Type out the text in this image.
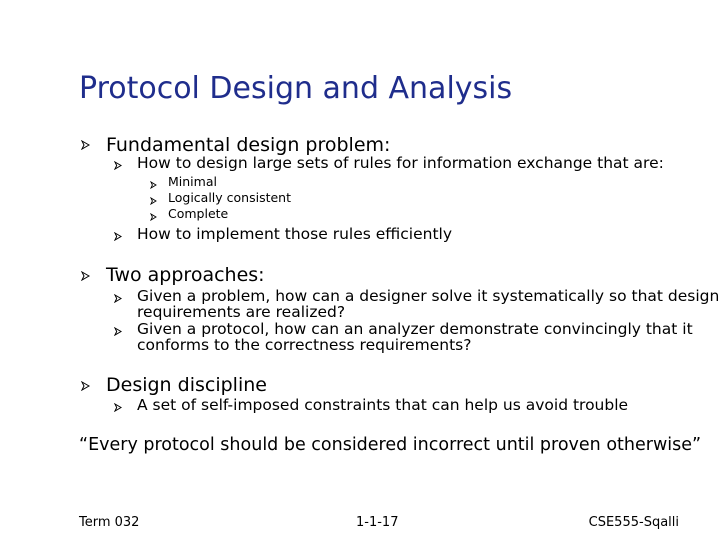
Protocol Design and Analysis
Fundamental design problem:
How to design large sets of rules for information exchange that are:
Minimal
Logically consistent
Complete
How to implement those rules efficiently
Two approaches:
Given a problem, how can a designer solve it systematically so that design
requirements are realized?
Given a protocol, how can an analyzer demonstrate convincingly that it
conforms to the correctness requirements?
Design discipline
A set of self-imposed constraints that can help us avoid trouble
“Every protocol should be considered incorrect until proven otherwise”
Term 032	1-1-17	CSE555-Sqalli
